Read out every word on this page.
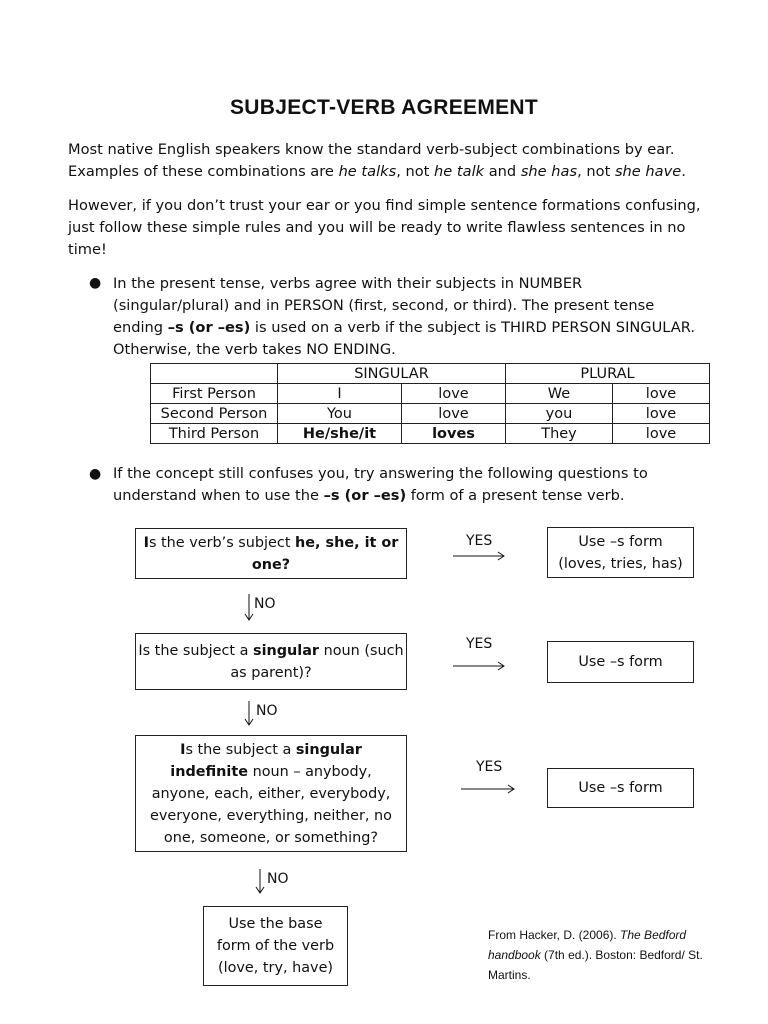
SUBJECT-VERB AGREEMENT
Most native English speakers know the standard verb-subject combinations by ear. Examples of these combinations are he talks, not he talk and she has, not she have.
However, if you don’t trust your ear or you find simple sentence formations confusing, just follow these simple rules and you will be ready to write flawless sentences in no time!
● In the present tense, verbs agree with their subjects in NUMBER (singular/plural) and in PERSON (first, second, or third). The present tense ending –s (or –es) is used on a verb if the subject is THIRD PERSON SINGULAR. Otherwise, the verb takes NO ENDING.
	SINGULAR		PLURAL	
First Person	I	love	We	love
Second Person	You	love	you	love
Third Person	He/she/it	loves	They	love
● If the concept still confuses you, try answering the following questions to understand when to use the –s (or –es) form of a present tense verb.
Is the verb’s subject he, she, it or one?
Is the subject a singular noun (such as parent)?
Is the subject a singular indefinite noun – anybody, anyone, each, either, everybody, everyone, everything, neither, no one, someone, or something?
Use –s form (loves, tries, has)
Use –s form
Use –s form
Use the base form of the verb (love, try, have)
YES
YES
YES
NO
NO
NO
From Hacker, D. (2006). The Bedford handbook (7th ed.). Boston: Bedford/ St. Martins.
